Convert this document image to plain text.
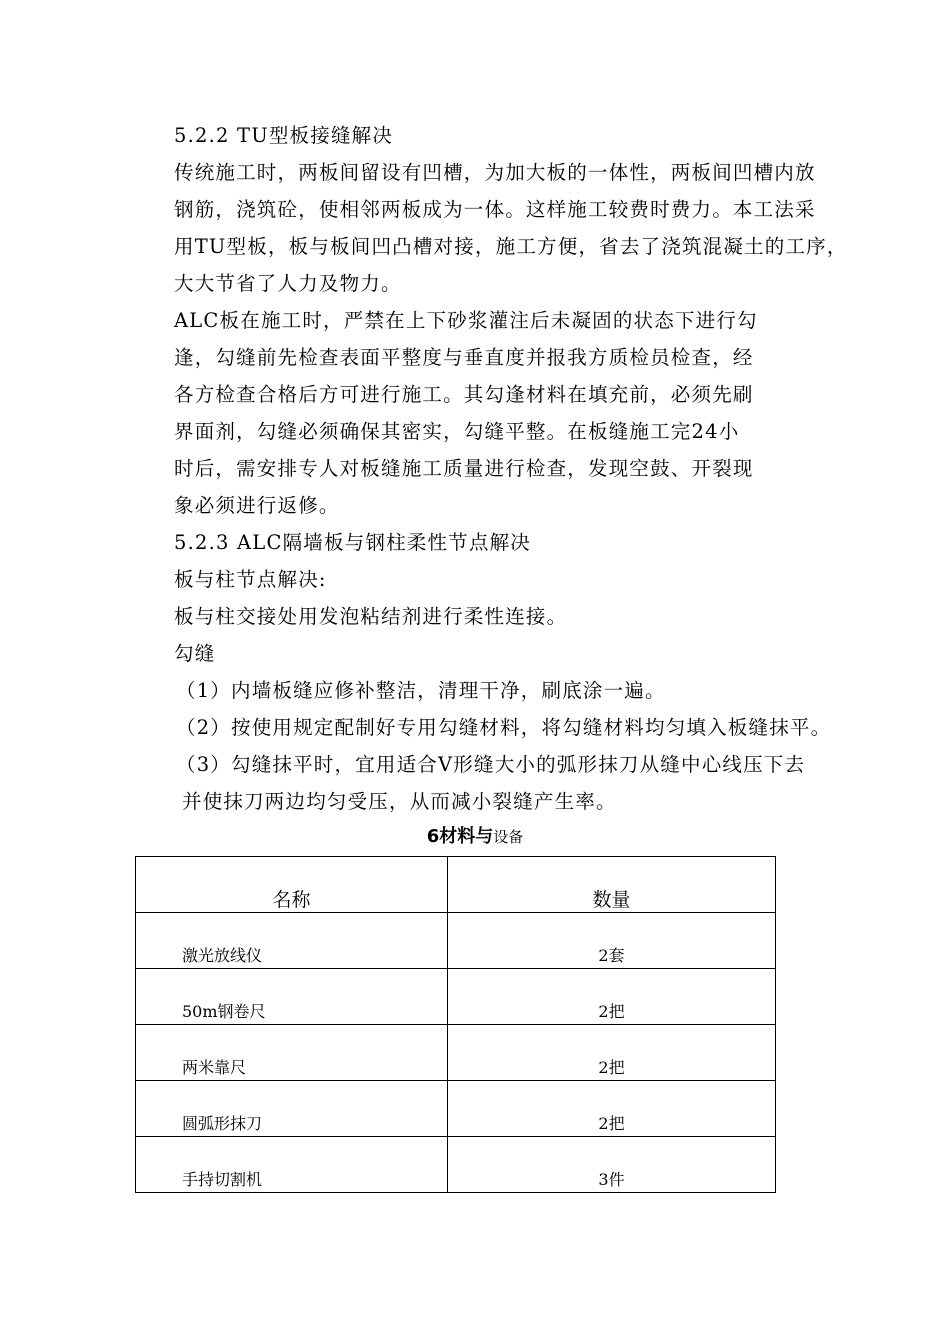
5.2.2 TU型板接缝解决
传统施工时，两板间留设有凹槽，为加大板的一体性，两板间凹槽内放
钢筋，浇筑砼，使相邻两板成为一体。这样施工较费时费力。本工法采
用TU型板，板与板间凹凸槽对接，施工方便，省去了浇筑混凝土的工序，
大大节省了人力及物力。
ALC板在施工时，严禁在上下砂浆灌注后未凝固的状态下进行勾
逢，勾缝前先检查表面平整度与垂直度并报我方质检员检查，经
各方检查合格后方可进行施工。其勾逢材料在填充前，必须先刷
界面剂，勾缝必须确保其密实，勾缝平整。在板缝施工完24小
时后，需安排专人对板缝施工质量进行检查，发现空鼓、开裂现
象必须进行返修。
5.2.3 ALC隔墙板与钢柱柔性节点解决
板与柱节点解决:
板与柱交接处用发泡粘结剂进行柔性连接。
勾缝
（1）内墙板缝应修补整洁，清理干净，刷底涂一遍。
（2）按使用规定配制好专用勾缝材料，将勾缝材料均匀填入板缝抹平。
（3）勾缝抹平时，宜用适合V形缝大小的弧形抹刀从缝中心线压下去
并使抹刀两边均匀受压，从而减小裂缝产生率。
6材料与设备
名称	数量
激光放线仪	2套
50m钢卷尺	2把
两米靠尺	2把
圆弧形抹刀	2把
手持切割机	3件
